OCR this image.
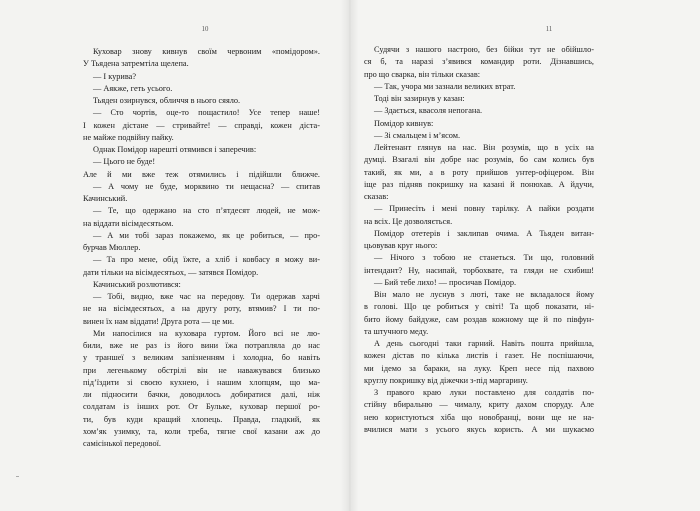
10
Куховар знову кивнув своїм червоним «помідором».
У Тьядена затремтіла щелепа.
— І курива?
— Аякже, геть усього.
Тьяден озирнувся, обличчя в нього сяяло.
— Сто чортів, оце-то пощастило! Усе тепер наше!
І кожен дістане — стривайте! — справді, кожен діста-
не майже подвійну пайку.
Однак Помідор нарешті отямився і заперечив:
— Цього не буде!
Але й ми вже теж отямились і підійшли ближче.
— А чому не буде, морквино ти нещасна? — спитав
Качинський.
— Те, що одержано на сто п’ятдесят людей, не мож-
на віддати вісімдесятьом.
— А ми тобі зараз покажемо, як це робиться, — про-
бурчав Мюллер.
— Та про мене, обід їжте, а хліб і ковбасу я можу ви-
дати тільки на вісімдесятьох, — затявся Помідор.
Качинський розлютився:
— Тобі, видно, вже час на передову. Ти одержав харчі
не на вісімдесятьох, а на другу роту, втямив? І ти по-
винен їх нам віддати! Друга рота — це ми.
Ми напосілися на куховара гуртом. Його всі не лю-
били, вже не раз із його вини їжа потрапляла до нас
у траншеї з великим запізненням і холодна, бо навіть
при легенькому обстрілі він не наважувався близько
під’їздити зі своєю кухнею, і нашим хлопцям, що ма-
ли підносити бачки, доводилось добиратися далі, ніж
солдатам із інших рот. От Бульке, куховар першої ро-
ти, був куди кращий хлопець. Правда, гладкий, як
хом’як узимку, та, коли треба, тягне свої казани аж до
самісінької передової.
11
Судячи з нашого настрою, без бійки тут не обійшло-
ся б, та наразі з’явився командир роти. Дізнавшись,
про що сварка, він тільки сказав:
— Так, учора ми зазнали великих втрат.
Тоді він зазирнув у казан:
— Здається, квасоля непогана.
Помідор кивнув:
— Зі смальцем і м’ясом.
Лейтенант глянув на нас. Він розумів, що в усіх на
думці. Взагалі він добре нас розумів, бо сам колись був
такий, як ми, а в роту прийшов унтер-офіцером. Він
іще раз підняв покришку на казані й понюхав. А йдучи,
сказав:
— Принесіть і мені повну тарілку. А пайки роздати
на всіх. Це дозволяється.
Помідор отетерів і заклипав очима. А Тьяден витан-
цьовував круг нього:
— Нічого з тобою не станеться. Ти що, головний
інтендант? Ну, насипай, торбохвате, та гляди не схибиш!
— Бий тебе лихо! — просичав Помідор.
Він мало не луснув з люті, таке не вкладалося йому
в голові. Що це робиться у світі! Та щоб показати, ні-
бито йому байдуже, сам роздав кожному ще й по півфун-
та штучного меду.
А день сьогодні таки гарний. Навіть пошта прийшла,
кожен дістав по кілька листів і газет. Не поспішаючи,
ми ідемо за бараки, на луку. Креп несе під пахвою
круглу покришку від діжечки з-під маргарину.
З правого краю луки поставлено для солдатів по-
стійну вбиральню — чималу, криту дахом споруду. Але
нею користуються хіба що новобранці, вони ще не на-
вчилися мати з усього якусь користь. А ми шукаємо
